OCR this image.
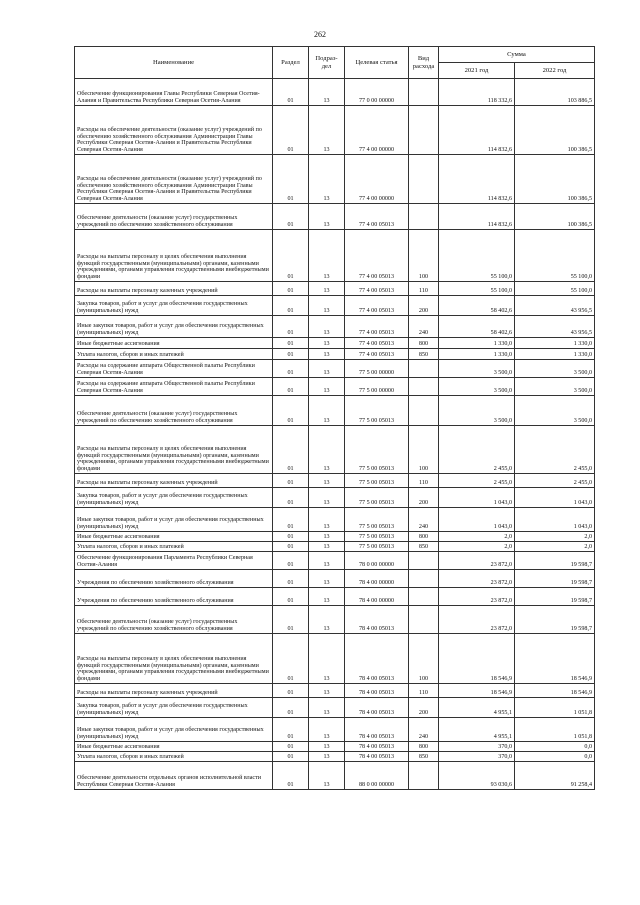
262
Наименование	Раздел	Подраз-дел	Целевая статья	Вид расхода	Сумма	
					2021 год	2022 год
Обеспечение функционирования Главы Республики Северная Осетия-Алания и Правительства Республики Северная Осетия-Алания	01	13	77 0 00 00000		118 332,6	103 886,5
Расходы на обеспечение деятельности (оказание услуг) учреждений по обеспечению хозяйственного обслуживания Администрации Главы Республики Северная Осетия-Алания и Правительства Республики Северная Осетия-Алания	01	13	77 4 00 00000		114 832,6	100 386,5
Расходы на обеспечение деятельности (оказание услуг) учреждений по обеспечению хозяйственного обслуживания Администрации Главы Республики Северная Осетия-Алания и Правительства Республики Северная Осетия-Алания	01	13	77 4 00 00000		114 832,6	100 386,5
Обеспечение деятельности (оказание услуг) государственных учреждений по обеспечению хозяйственного обслуживания	01	13	77 4 00 05013		114 832,6	100 386,5
Расходы на выплаты персоналу в целях обеспечения выполнения функций государственными (муниципальными) органами, казенными учреждениями, органами управления государственными внебюджетными фондами	01	13	77 4 00 05013	100	55 100,0	55 100,0
Расходы на выплаты персоналу казенных учреждений	01	13	77 4 00 05013	110	55 100,0	55 100,0
Закупка товаров, работ и услуг для обеспечения государственных (муниципальных) нужд	01	13	77 4 00 05013	200	58 402,6	43 956,5
Иные закупки товаров, работ и услуг для обеспечения государственных (муниципальных) нужд	01	13	77 4 00 05013	240	58 402,6	43 956,5
Иные бюджетные ассигнования	01	13	77 4 00 05013	800	1 330,0	1 330,0
Уплата налогов, сборов и иных платежей	01	13	77 4 00 05013	850	1 330,0	1 330,0
Расходы на содержание аппарата Общественной палаты Республики Северная Осетия-Алания	01	13	77 5 00 00000		3 500,0	3 500,0
Расходы на содержание аппарата Общественной палаты Республики Северная Осетия-Алания	01	13	77 5 00 00000		3 500,0	3 500,0
Обеспечение деятельности (оказание услуг) государственных учреждений по обеспечению хозяйственного обслуживания	01	13	77 5 00 05013		3 500,0	3 500,0
Расходы на выплаты персоналу в целях обеспечения выполнения функций государственными (муниципальными) органами, казенными учреждениями, органами управления государственными внебюджетными фондами	01	13	77 5 00 05013	100	2 455,0	2 455,0
Расходы на выплаты персоналу казенных учреждений	01	13	77 5 00 05013	110	2 455,0	2 455,0
Закупка товаров, работ и услуг для обеспечения государственных (муниципальных) нужд	01	13	77 5 00 05013	200	1 043,0	1 043,0
Иные закупки товаров, работ и услуг для обеспечения государственных (муниципальных) нужд	01	13	77 5 00 05013	240	1 043,0	1 043,0
Иные бюджетные ассигнования	01	13	77 5 00 05013	800	2,0	2,0
Уплата налогов, сборов и иных платежей	01	13	77 5 00 05013	850	2,0	2,0
Обеспечение функционирования Парламента Республики Северная Осетия-Алания	01	13	78 0 00 00000		23 872,0	19 598,7
Учреждения по обеспечению хозяйственного обслуживания	01	13	78 4 00 00000		23 872,0	19 598,7
Учреждения по обеспечению хозяйственного обслуживания	01	13	78 4 00 00000		23 872,0	19 598,7
Обеспечение деятельности (оказание услуг) государственных учреждений по обеспечению хозяйственного обслуживания	01	13	78 4 00 05013		23 872,0	19 598,7
Расходы на выплаты персоналу в целях обеспечения выполнения функций государственными (муниципальными) органами, казенными учреждениями, органами управления государственными внебюджетными фондами	01	13	78 4 00 05013	100	18 546,9	18 546,9
Расходы на выплаты персоналу казенных учреждений	01	13	78 4 00 05013	110	18 546,9	18 546,9
Закупка товаров, работ и услуг для обеспечения государственных (муниципальных) нужд	01	13	78 4 00 05013	200	4 955,1	1 051,8
Иные закупки товаров, работ и услуг для обеспечения государственных (муниципальных) нужд	01	13	78 4 00 05013	240	4 955,1	1 051,8
Иные бюджетные ассигнования	01	13	78 4 00 05013	800	370,0	0,0
Уплата налогов, сборов и иных платежей	01	13	78 4 00 05013	850	370,0	0,0
Обеспечение деятельности отдельных органов исполнительной власти Республики Северная Осетия-Алания	01	13	88 0 00 00000		93 030,6	91 258,4
